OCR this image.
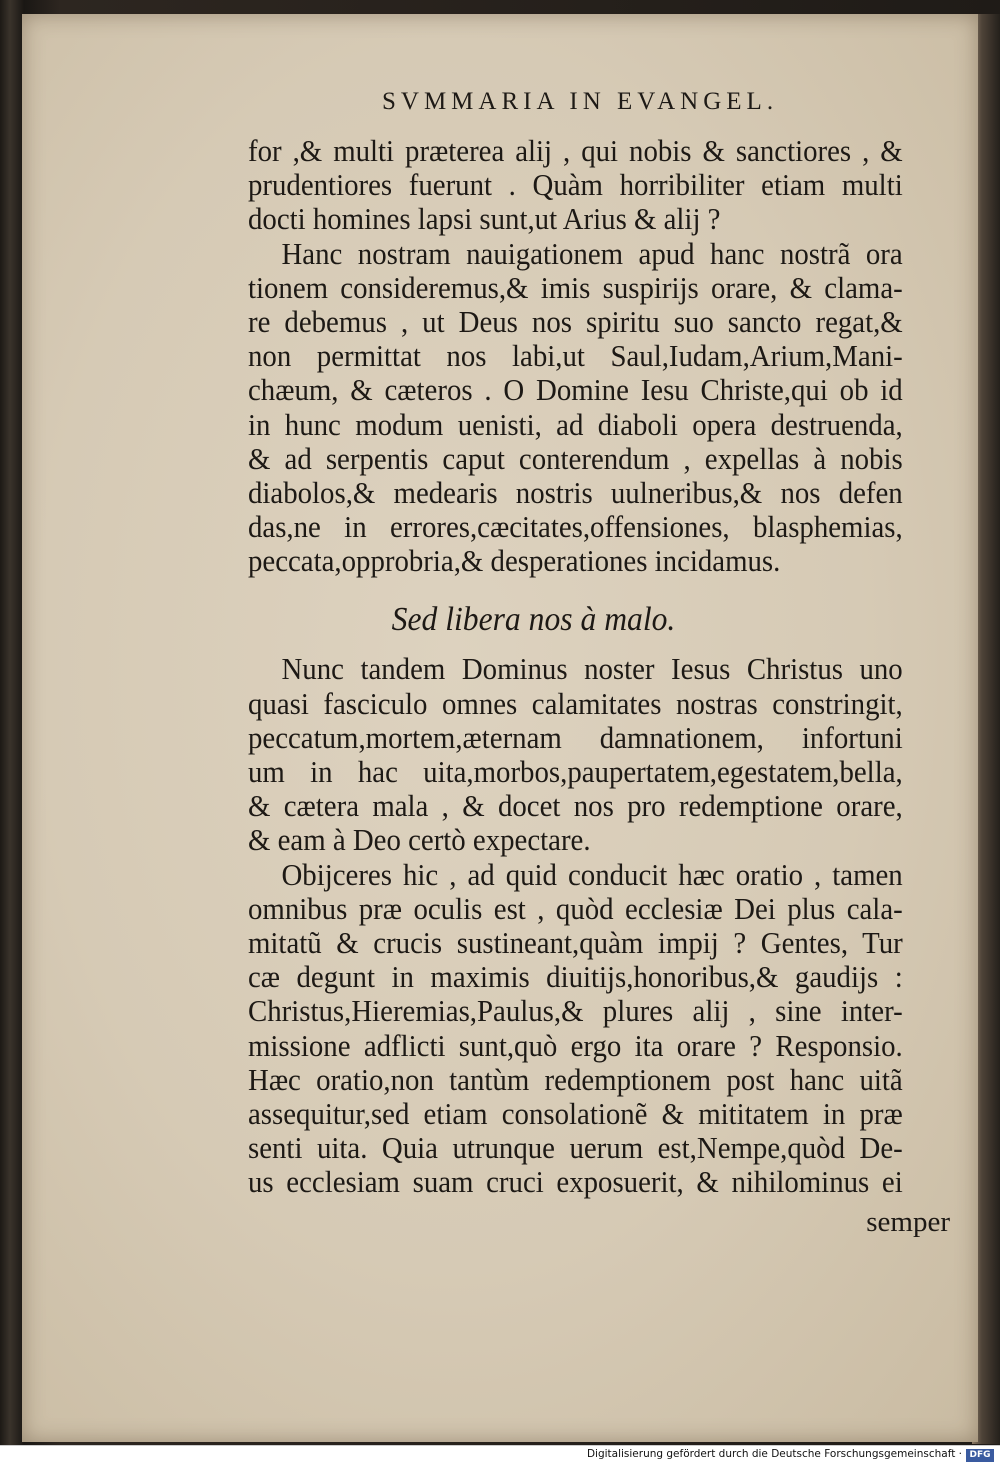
SVMMARIA IN EVANGEL.
for ,& multi præterea alij , qui nobis & sanctiores , &
prudentiores fuerunt . Quàm horribiliter etiam multi
docti homines lapsi sunt,ut Arius & alij ?
Hanc nostram nauigationem apud hanc nostrã ora
tionem consideremus,& imis suspirijs orare, & clama-
re debemus , ut Deus nos spiritu suo sancto regat,&
non permittat nos labi,ut Saul,Iudam,Arium,Mani-
chæum, & cæteros . O Domine Iesu Christe,qui ob id
in hunc modum uenisti, ad diaboli opera destruenda,
& ad serpentis caput conterendum , expellas à nobis
diabolos,& medearis nostris uulneribus,& nos defen
das,ne in errores,cæcitates,offensiones, blasphemias,
peccata,opprobria,& desperationes incidamus.
Sed libera nos à malo.
Nunc tandem Dominus noster Iesus Christus uno
quasi fasciculo omnes calamitates nostras constringit,
peccatum,mortem,æternam damnationem, infortuni
um in hac uita,morbos,paupertatem,egestatem,bella,
& cætera mala , & docet nos pro redemptione orare,
& eam à Deo certò expectare.
Obijceres hic , ad quid conducit hæc oratio , tamen
omnibus præ oculis est , quòd ecclesiæ Dei plus cala-
mitatũ & crucis sustineant,quàm impij ? Gentes, Tur
cæ degunt in maximis diuitijs,honoribus,& gaudijs :
Christus,Hieremias,Paulus,& plures alij , sine inter-
missione adflicti sunt,quò ergo ita orare ? Responsio.
Hæc oratio,non tantùm redemptionem post hanc uitã
assequitur,sed etiam consolationẽ & mititatem in præ
senti uita. Quia utrunque uerum est,Nempe,quòd De-
us ecclesiam suam cruci exposuerit, & nihilominus ei
semper
Digitalisierung gefördert durch die Deutsche Forschungsgemeinschaft · DFG
